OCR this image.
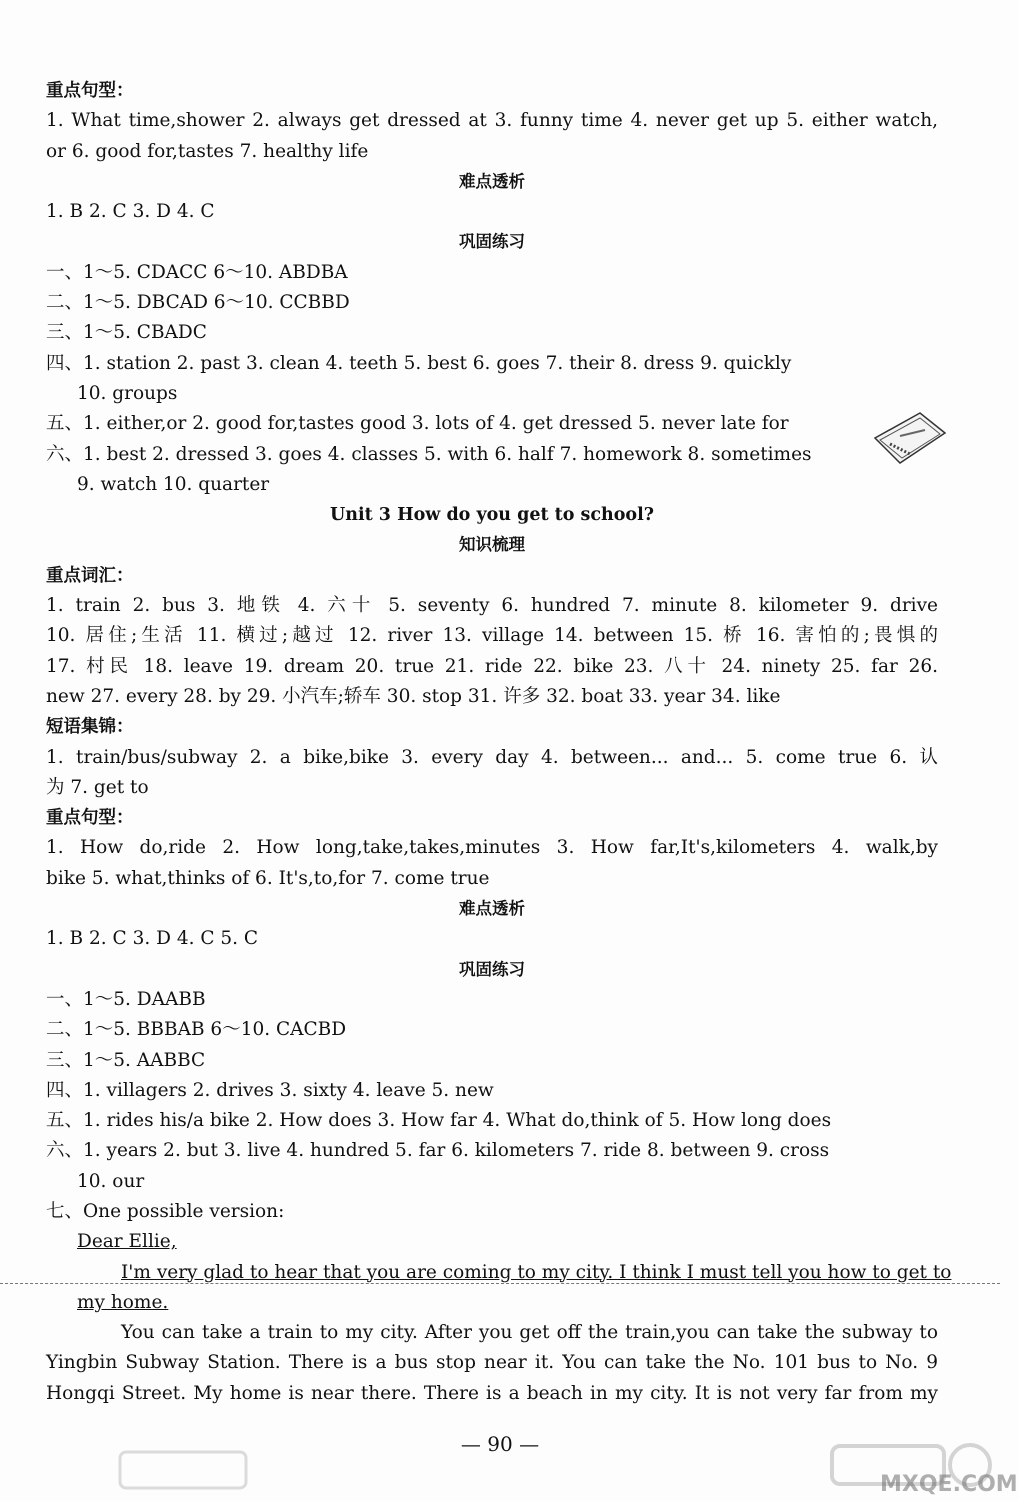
重点句型：
1. What time,shower 2. always get dressed at 3. funny time 4. never get up 5. either watch,
or 6. good for,tastes 7. healthy life
难点透析
1. B 2. C 3. D 4. C
巩固练习
一、1～5. CDACC 6～10. ABDBA
二、1～5. DBCAD 6～10. CCBBD
三、1～5. CBADC
四、1. station 2. past 3. clean 4. teeth 5. best 6. goes 7. their 8. dress 9. quickly
10. groups
五、1. either,or 2. good for,tastes good 3. lots of 4. get dressed 5. never late for
六、1. best 2. dressed 3. goes 4. classes 5. with 6. half 7. homework 8. sometimes
9. watch 10. quarter
Unit 3 How do you get to school?
知识梳理
重点词汇：
1. train 2. bus 3. 地铁 4. 六十 5. seventy 6. hundred 7. minute 8. kilometer 9. drive
10. 居住;生活 11. 横过;越过 12. river 13. village 14. between 15. 桥 16. 害怕的;畏惧的
17. 村民 18. leave 19. dream 20. true 21. ride 22. bike 23. 八十 24. ninety 25. far 26.
new 27. every 28. by 29. 小汽车;轿车 30. stop 31. 许多 32. boat 33. year 34. like
短语集锦：
1. train/bus/subway 2. a bike,bike 3. every day 4. between... and... 5. come true 6. 认
为 7. get to
重点句型：
1. How do,ride 2. How long,take,takes,minutes 3. How far,It's,kilometers 4. walk,by
bike 5. what,thinks of 6. It's,to,for 7. come true
难点透析
1. B 2. C 3. D 4. C 5. C
巩固练习
一、1～5. DAABB
二、1～5. BBBAB 6～10. CACBD
三、1～5. AABBC
四、1. villagers 2. drives 3. sixty 4. leave 5. new
五、1. rides his/a bike 2. How does 3. How far 4. What do,think of 5. How long does
六、1. years 2. but 3. live 4. hundred 5. far 6. kilometers 7. ride 8. between 9. cross
10. our
七、One possible version:
Dear Ellie,
I'm very glad to hear that you are coming to my city. I think I must tell you how to get to
my home.
You can take a train to my city. After you get off the train,you can take the subway to
Yingbin Subway Station. There is a bus stop near it. You can take the No. 101 bus to No. 9
Hongqi Street. My home is near there. There is a beach in my city. It is not very far from my
MXQE.COM
— 90 —
